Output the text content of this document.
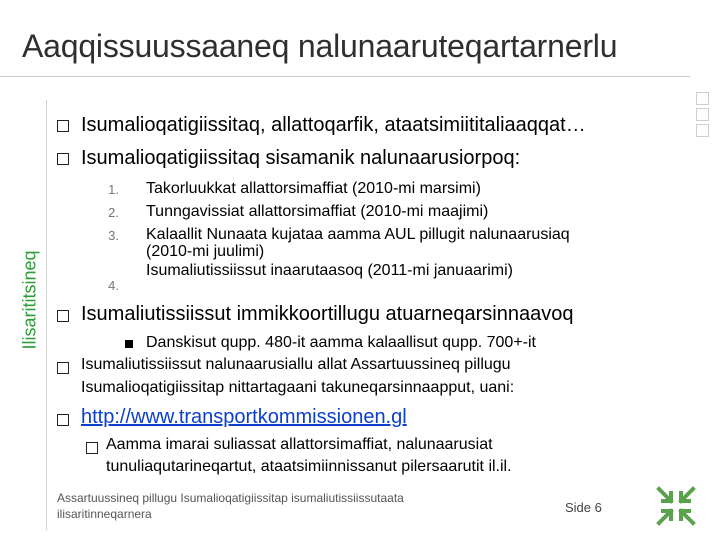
Aaqqissuussaaneq nalunaaruteqartarnerlu
Ilisarititsineq
Isumalioqatigiissitaq, allattoqarfik, ataatsimiititaliaaqqat…
Isumalioqatigiissitaq sisamanik nalunaarusiorpoq:
1. Takorluukkat allattorsimaffiat (2010-mi marsimi)
2. Tunngavissiat allattorsimaffiat (2010-mi maajimi)
3. Kalaallit Nunaata kujataa aamma AUL pillugit nalunaarusiaq
(2010-mi juulimi)
4.
Isumaliutissiissut inaarutaasoq (2011-mi januaarimi)
Isumaliutissiissut immikkoortillugu atuarneqarsinnaavoq
Danskisut qupp. 480-it aamma kalaallisut qupp. 700+-it
Isumaliutissiissut nalunaarusiallu allat Assartuussineq pillugu
Isumalioqatigiissitap nittartagaani takuneqarsinnaapput, uani:
http://www.transportkommissionen.gl
Aamma imarai suliassat allattorsimaffiat, nalunaarusiat
tunuliaqutarineqartut, ataatsimiinnissanut pilersaarutit il.il.
Assartuussineq pillugu Isumalioqatigiissitap isumaliutissiissutaata
ilisaritinneqarnera	Side 6
